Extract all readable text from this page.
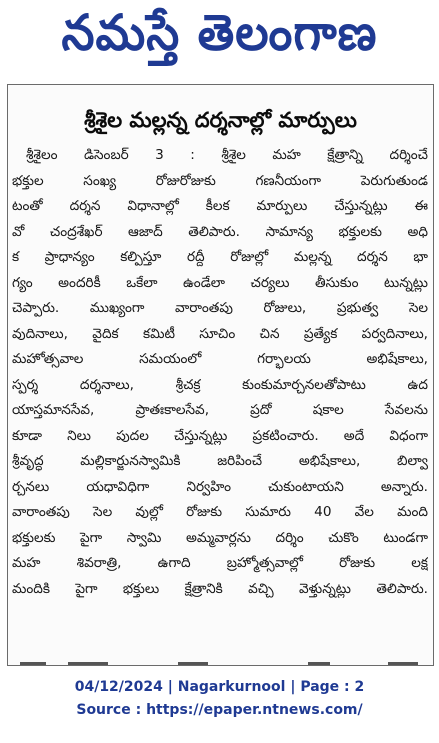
నమస్తే తెలంగాణ
శ్రీశైల మల్లన్న దర్శనాల్లో మార్పులు
శ్రీశైలం డిసెంబర్ 3 : శ్రీశైల మహ క్షేత్రాన్ని దర్శించే
భక్తుల సంఖ్య రోజురోజుకు గణనీయంగా పెరుగుతుండ
టంతో దర్శన విధానాల్లో కీలక మార్పులు చేస్తున్నట్లు ఈ
వో చంద్రశేఖర్ ఆజాద్ తెలిపారు. సామాన్య భక్తులకు అధి
క ప్రాధాన్యం కల్పిస్తూ రద్దీ రోజుల్లో మల్లన్న దర్శన భా
గ్యం అందరికీ ఒకేలా ఉండేలా చర్యలు తీసుకుం టున్నట్లు
చెప్పారు. ముఖ్యంగా వారాంతపు రోజులు, ప్రభుత్వ సెల
వుదినాలు, వైదిక కమిటీ సూచిం చిన ప్రత్యేక పర్వదినాలు,
మహోత్సవాల సమయంలో గర్భాలయ అభిషేకాలు,
స్పర్శ దర్శనాలు, శ్రీచక్ర కుంకుమార్చనలతోపాటు ఉద
యాస్తమానసేవ, ప్రాతఃకాలసేవ, ప్రదో షకాల సేవలను
కూడా నిలు పుదల చేస్తున్నట్లు ప్రకటించారు. అదే విధంగా
శ్రీవృద్ధ మల్లికార్జునస్వామికి జరిపించే అభిషేకాలు, బిల్వా
ర్చనలు యధావిధిగా నిర్వహిం చుకుంటాయని అన్నారు.
వారాంతపు సెల వుల్లో రోజుకు సుమారు 40 వేల మంది
భక్తులకు పైగా స్వామి అమ్మవార్లను దర్శిం చుకొం టుండగా
మహ శివరాత్రి, ఉగాది బ్రహ్మోత్సవాల్లో రోజుకు లక్ష
మందికి పైగా భక్తులు క్షేత్రానికి వచ్చి వెళ్తున్నట్లు తెలిపారు.
04/12/2024 | Nagarkurnool | Page : 2
Source : https://epaper.ntnews.com/
